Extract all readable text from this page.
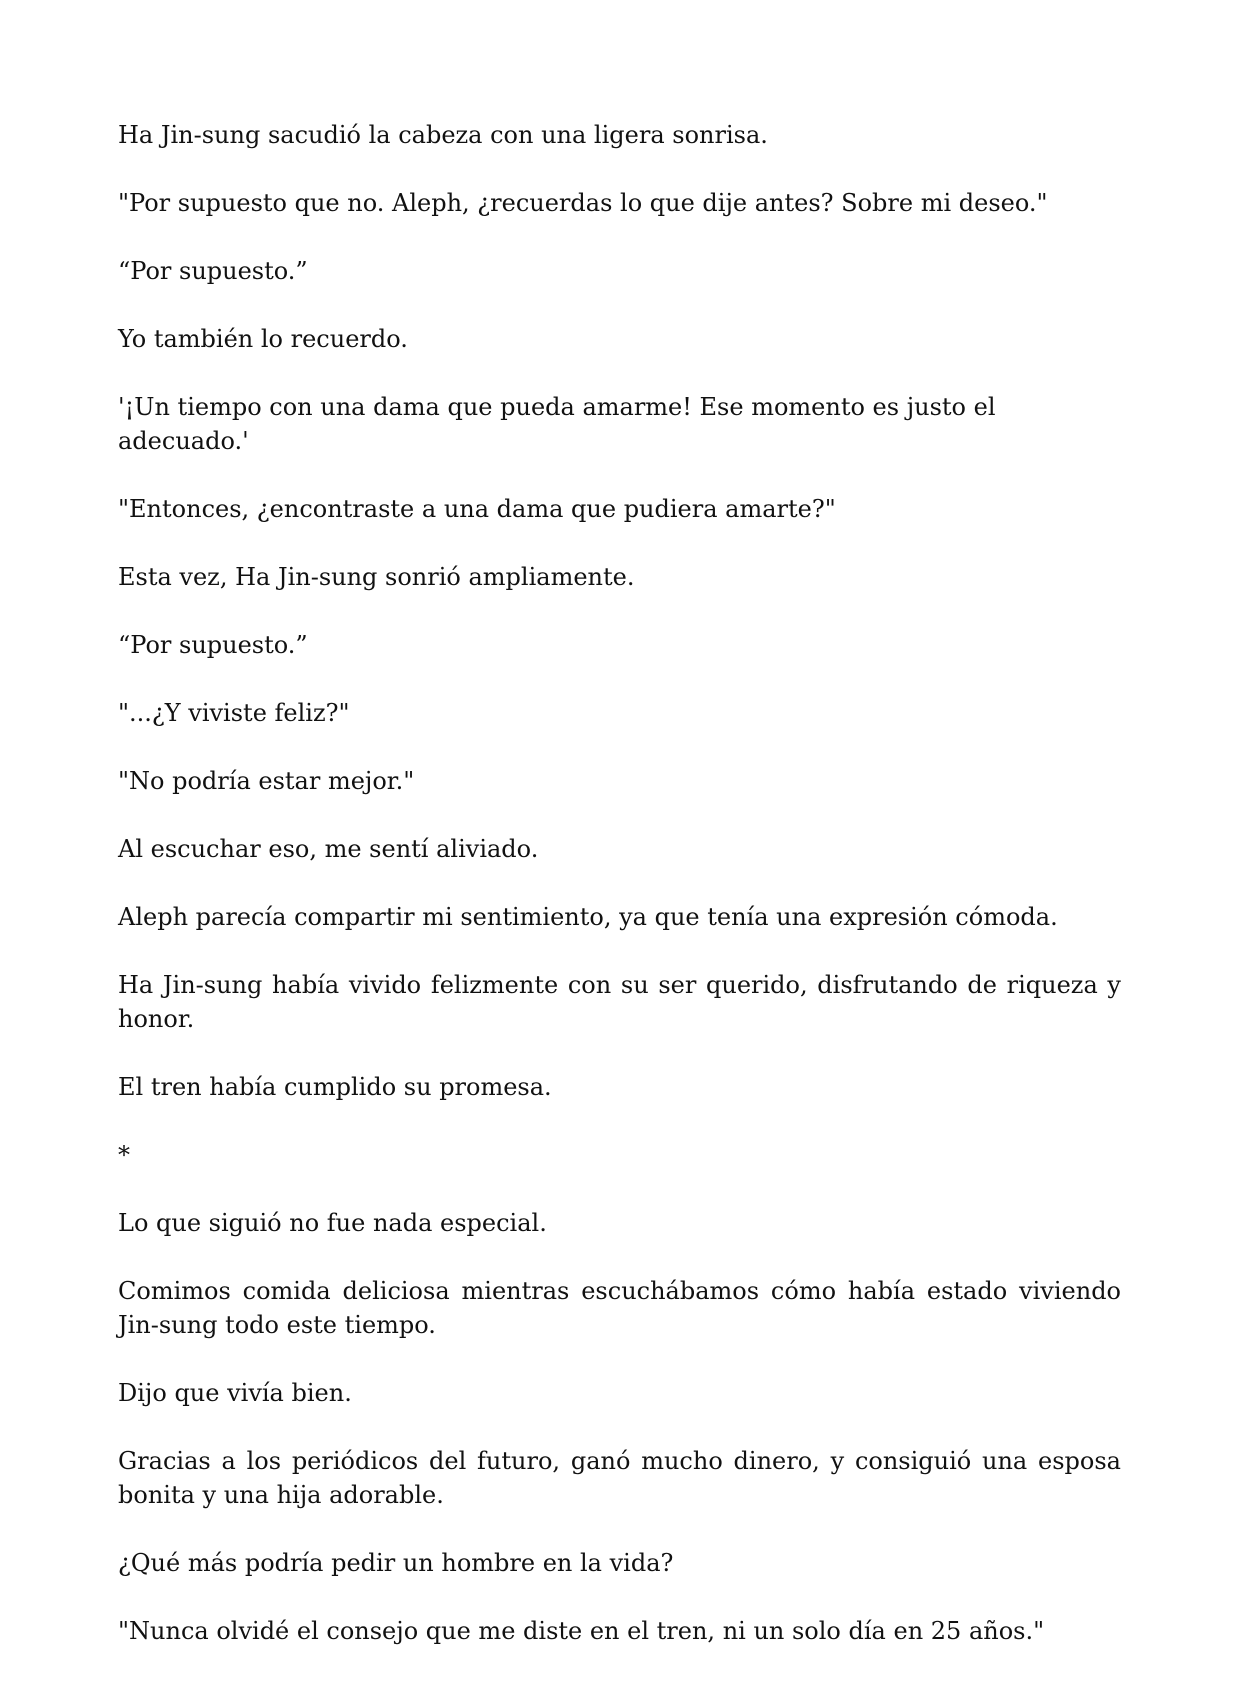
Ha Jin-sung sacudió la cabeza con una ligera sonrisa.

"Por supuesto que no. Aleph, ¿recuerdas lo que dije antes? Sobre mi deseo."

“Por supuesto.”

Yo también lo recuerdo.

'¡Un tiempo con una dama que pueda amarme! Ese momento es justo el adecuado.'

"Entonces, ¿encontraste a una dama que pudiera amarte?"

Esta vez, Ha Jin-sung sonrió ampliamente.

“Por supuesto.”

"...¿Y viviste feliz?"

"No podría estar mejor."

Al escuchar eso, me sentí aliviado.

Aleph parecía compartir mi sentimiento, ya que tenía una expresión cómoda.

Ha Jin-sung había vivido felizmente con su ser querido, disfrutando de riqueza y honor.

El tren había cumplido su promesa.

*

Lo que siguió no fue nada especial.

Comimos comida deliciosa mientras escuchábamos cómo había estado viviendo Jin-sung todo este tiempo.

Dijo que vivía bien.

Gracias a los periódicos del futuro, ganó mucho dinero, y consiguió una esposa bonita y una hija adorable.

¿Qué más podría pedir un hombre en la vida?

"Nunca olvidé el consejo que me diste en el tren, ni un solo día en 25 años."
